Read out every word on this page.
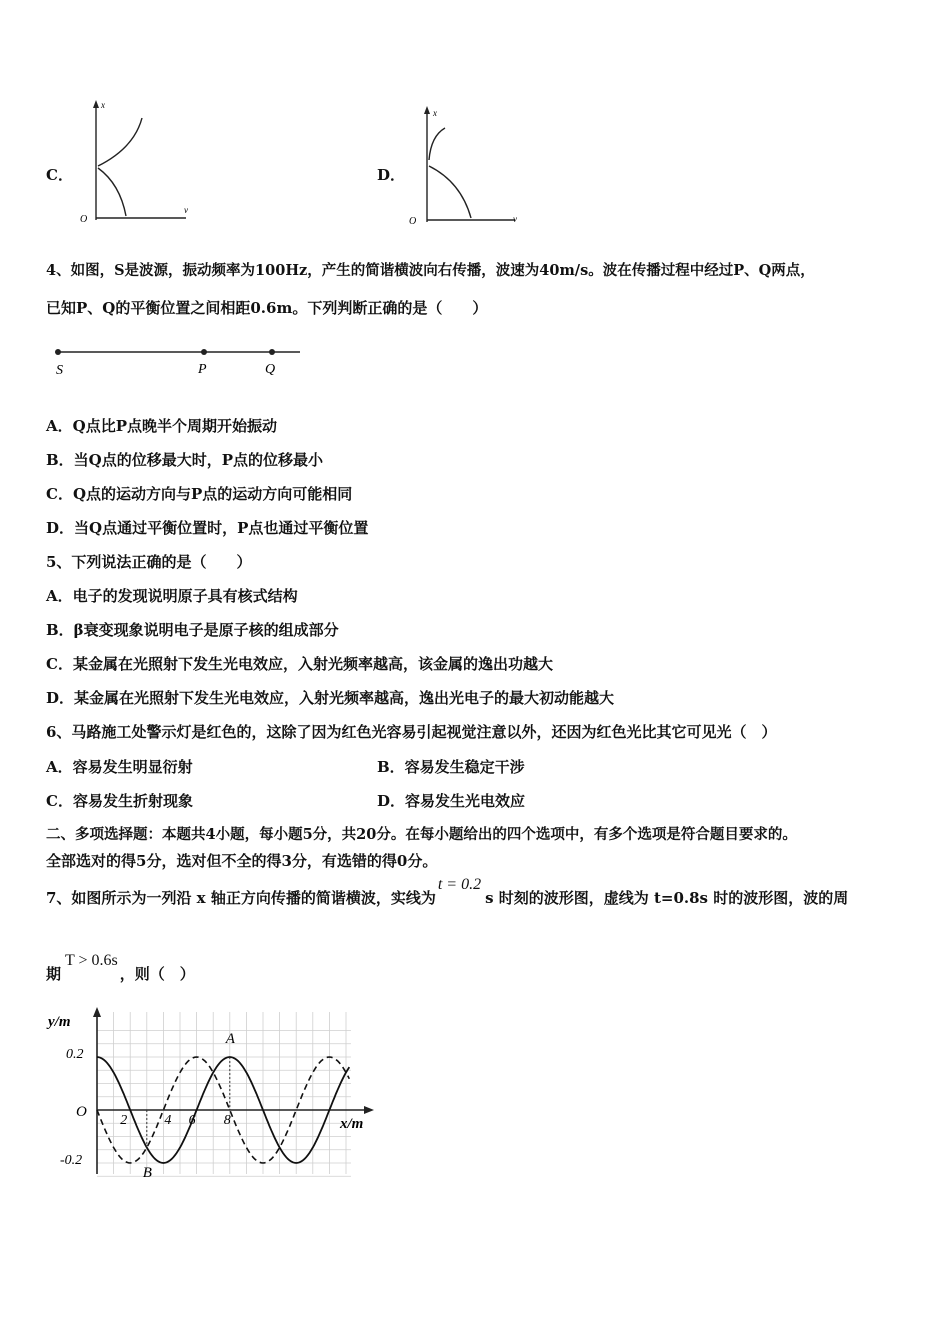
C．
x
v
O
D．
x
v
O
4、如图，S是波源，振动频率为100Hz，产生的简谐横波向右传播，波速为40m/s。波在传播过程中经过P、Q两点，
已知P、Q的平衡位置之间相距0.6m。下列判断正确的是（　　）
S	P	Q
A．Q点比P点晚半个周期开始振动
B．当Q点的位移最大时，P点的位移最小
C．Q点的运动方向与P点的运动方向可能相同
D．当Q点通过平衡位置时，P点也通过平衡位置
5、下列说法正确的是（　　）
A．电子的发现说明原子具有核式结构
B．β衰变现象说明电子是原子核的组成部分
C．某金属在光照射下发生光电效应，入射光频率越高，该金属的逸出功越大
D．某金属在光照射下发生光电效应，入射光频率越高，逸出光电子的最大初动能越大
6、马路施工处警示灯是红色的，这除了因为红色光容易引起视觉注意以外，还因为红色光比其它可见光（　）
A．容易发生明显衍射	B．容易发生稳定干涉
C．容易发生折射现象	D．容易发生光电效应
二、多项选择题：本题共4小题，每小题5分，共20分。在每小题给出的四个选项中，有多个选项是符合题目要求的。
全部选对的得5分，选对但不全的得3分，有选错的得0分。
7、如图所示为一列沿 x 轴正方向传播的简谐横波，实线为t = 0.2s 时刻的波形图，虚线为 t=0.8s 时的波形图，波的周
期T > 0.6s，则（　）
y/m
x/m
0.2
-0.2
O
2	4 6 8
A
B
